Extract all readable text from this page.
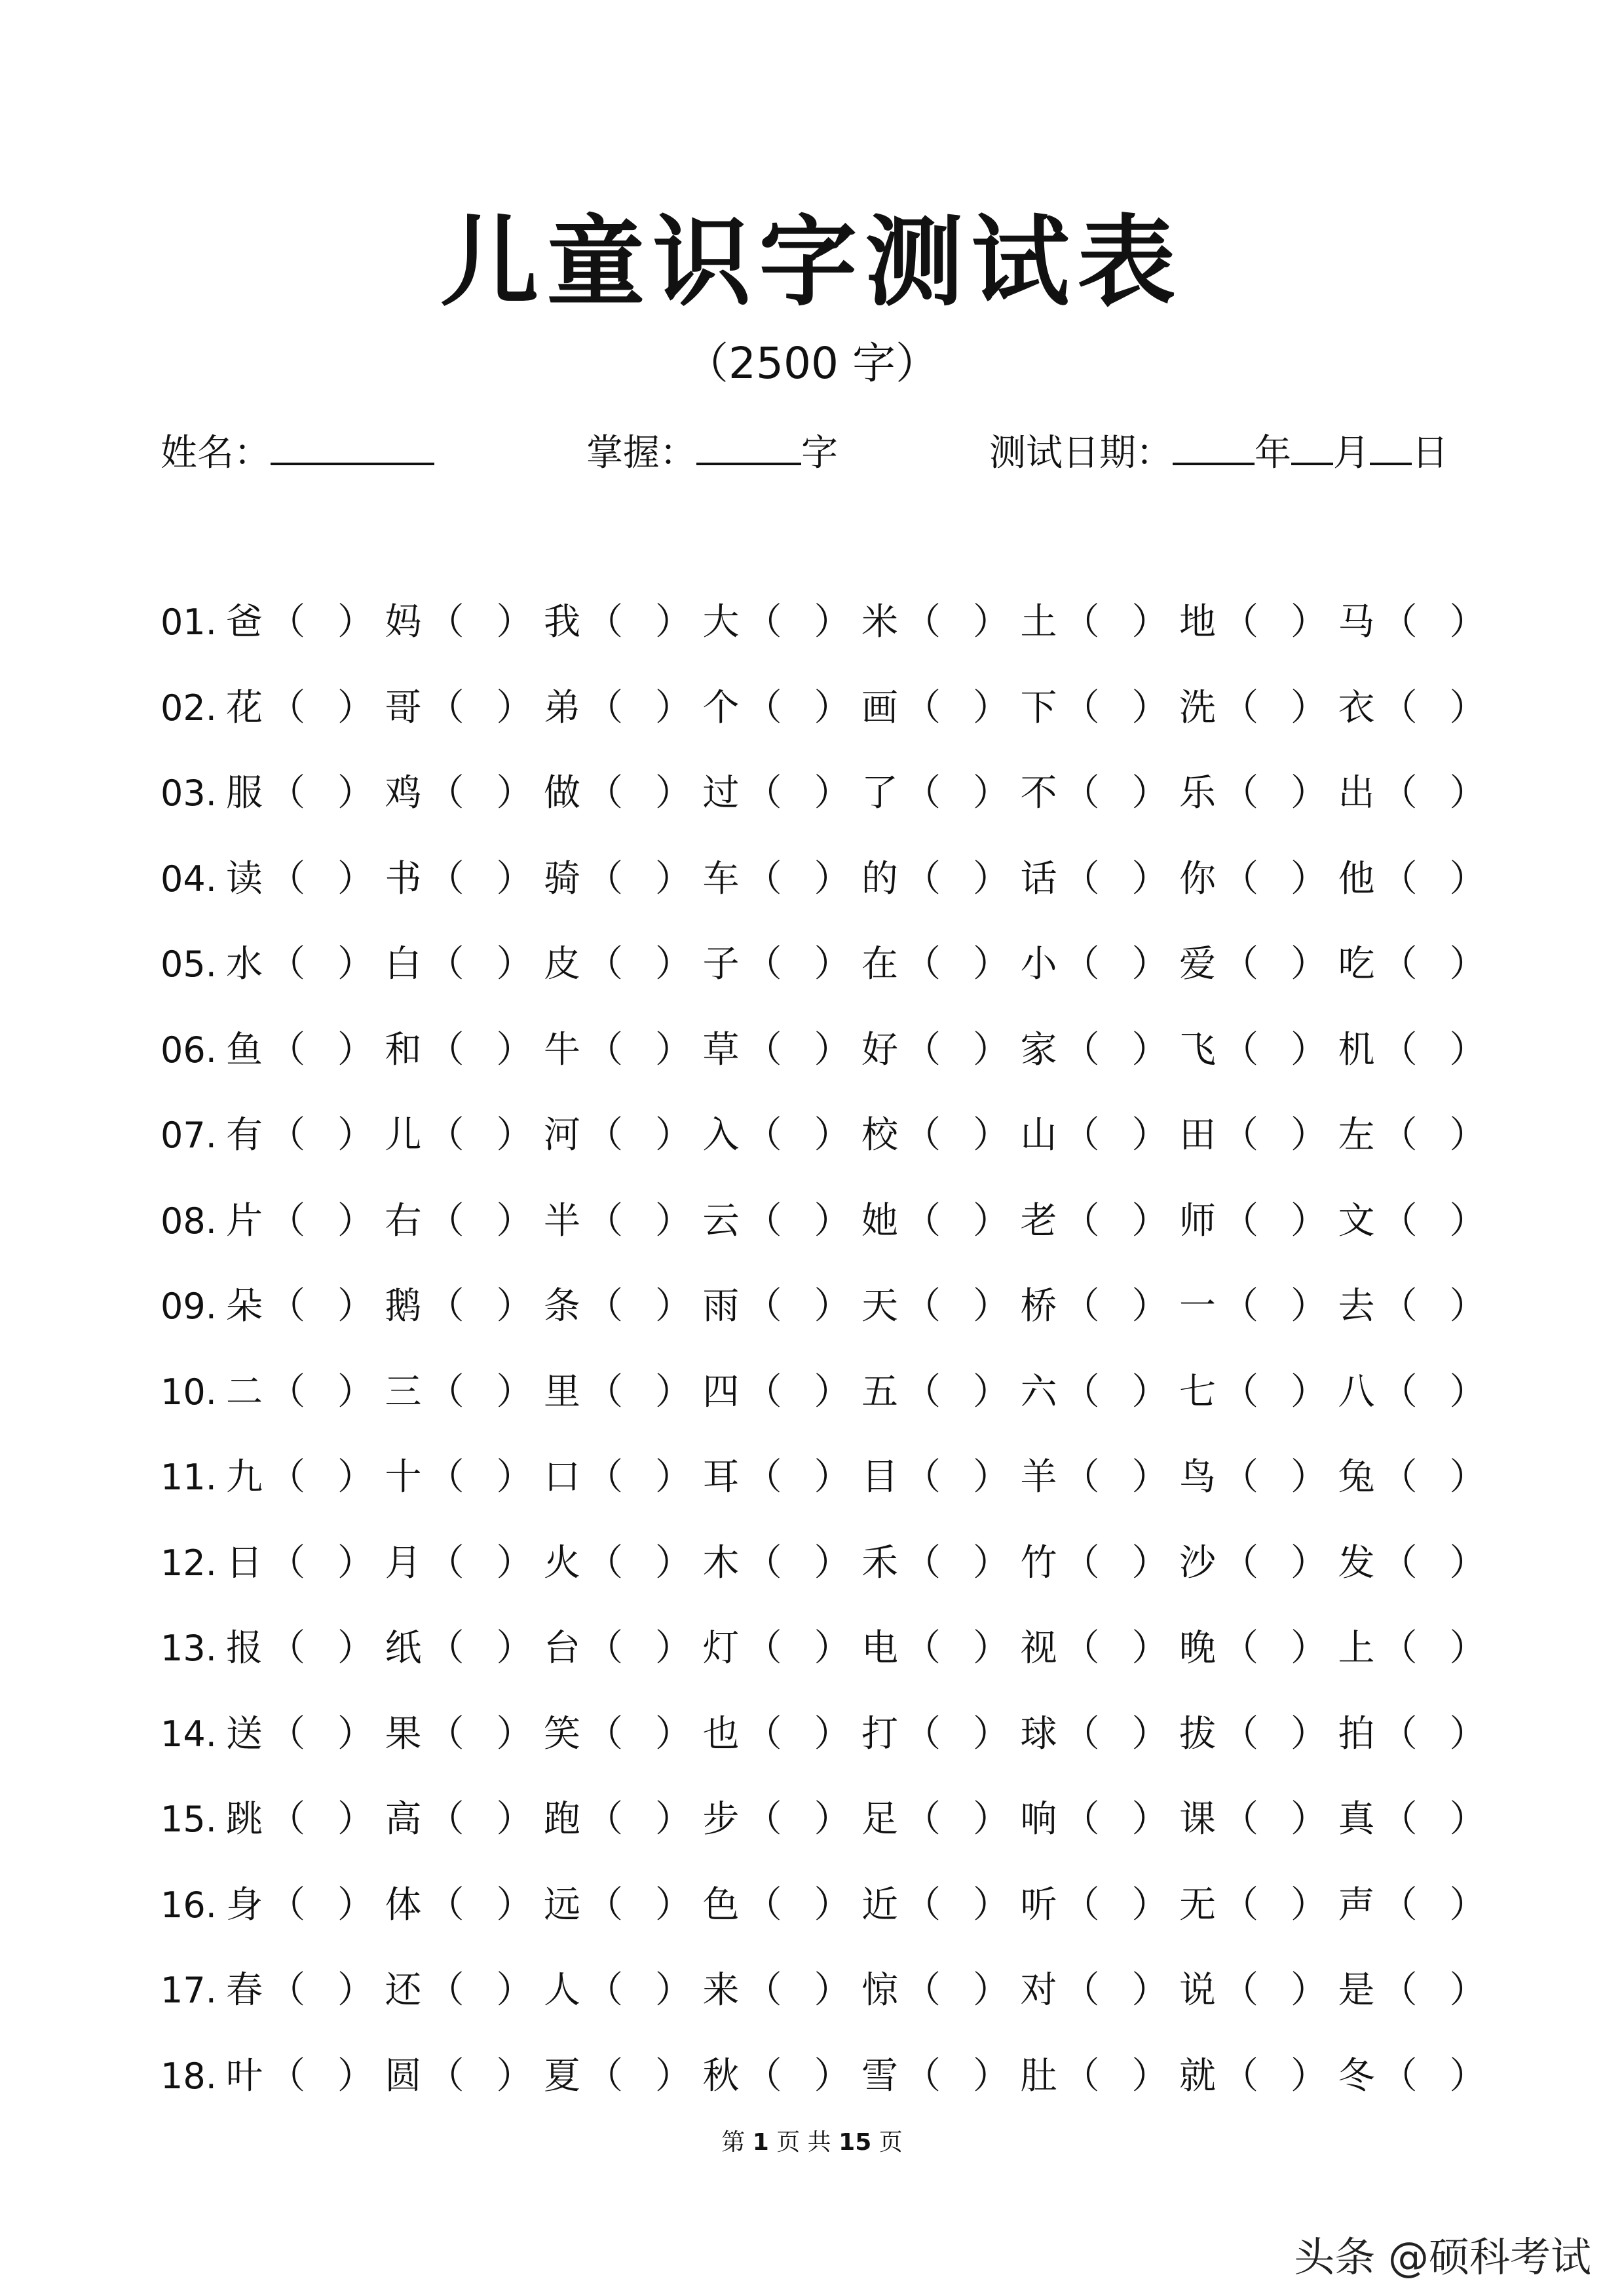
儿童识字测试表
（2500 字）
姓名：	掌握：	字	测试日期： 年 月 日
01. 爸 （ ） 妈 （ ） 我 （ ） 大 （ ） 米 （ ） 土 （ ） 地 （ ） 马 （ ）
02. 花 （ ） 哥 （ ） 弟 （ ） 个 （ ） 画 （ ） 下 （ ） 洗 （ ） 衣 （ ）
03. 服 （ ） 鸡 （ ） 做 （ ） 过 （ ） 了 （ ） 不 （ ） 乐 （ ） 出 （ ）
04. 读 （ ） 书 （ ） 骑 （ ） 车 （ ） 的 （ ） 话 （ ） 你 （ ） 他 （ ）
05. 水 （ ） 白 （ ） 皮 （ ） 子 （ ） 在 （ ） 小 （ ） 爱 （ ） 吃 （ ）
06. 鱼 （ ） 和 （ ） 牛 （ ） 草 （ ） 好 （ ） 家 （ ） 飞 （ ） 机 （ ）
07. 有 （ ） 儿 （ ） 河 （ ） 入 （ ） 校 （ ） 山 （ ） 田 （ ） 左 （ ）
08. 片 （ ） 右 （ ） 半 （ ） 云 （ ） 她 （ ） 老 （ ） 师 （ ） 文 （ ）
09. 朵 （ ） 鹅 （ ） 条 （ ） 雨 （ ） 天 （ ） 桥 （ ） 一 （ ） 去 （ ）
10. 二 （ ） 三 （ ） 里 （ ） 四 （ ） 五 （ ） 六 （ ） 七 （ ） 八 （ ）
11. 九 （ ） 十 （ ） 口 （ ） 耳 （ ） 目 （ ） 羊 （ ） 鸟 （ ） 兔 （ ）
12. 日 （ ） 月 （ ） 火 （ ） 木 （ ） 禾 （ ） 竹 （ ） 沙 （ ） 发 （ ）
13. 报 （ ） 纸 （ ） 台 （ ） 灯 （ ） 电 （ ） 视 （ ） 晚 （ ） 上 （ ）
14. 送 （ ） 果 （ ） 笑 （ ） 也 （ ） 打 （ ） 球 （ ） 拔 （ ） 拍 （ ）
15. 跳 （ ） 高 （ ） 跑 （ ） 步 （ ） 足 （ ） 响 （ ） 课 （ ） 真 （ ）
16. 身 （ ） 体 （ ） 远 （ ） 色 （ ） 近 （ ） 听 （ ） 无 （ ） 声 （ ）
17. 春 （ ） 还 （ ） 人 （ ） 来 （ ） 惊 （ ） 对 （ ） 说 （ ） 是 （ ）
18. 叶 （ ） 圆 （ ） 夏 （ ） 秋 （ ） 雪 （ ） 肚 （ ） 就 （ ） 冬 （ ）
第 1 页 共 15 页
头条 @硕科考试
